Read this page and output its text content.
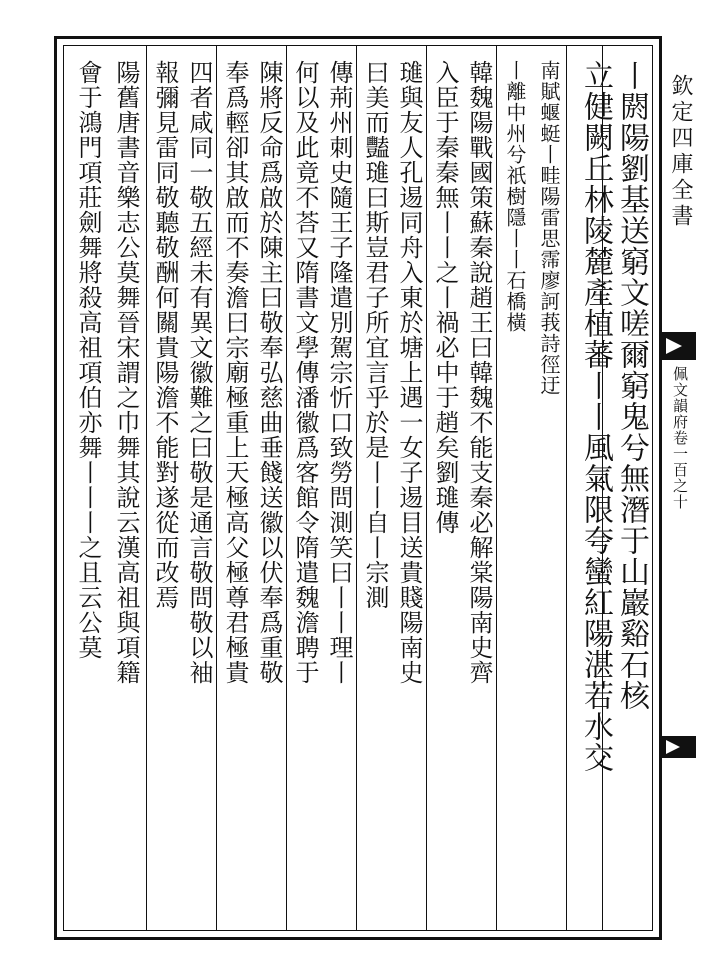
丨閼陽劉基送窮文嗟爾窮鬼兮無潛于山巖谿石核
立健闕丘林陵麓產植蕃丨丨風氣限夸蠻紅陽湛若水交
南賦蝘蜓丨畦陽雷思霈廖訶莪詩徑迂
丨離中州兮祇樹隱丨丨石橋橫
韓魏陽戰國策蘇秦說趙王曰韓魏不能支秦必解棠陽南史齊
入臣于秦秦無丨丨之丨禍必中于趙矣劉璡傳
璡與友人孔逷同舟入東於塘上遇一女子逷目送貴賤陽南史
曰美而豔璡曰斯豈君子所宜言乎於是丨丨自丨宗測
傳荊州刺史隨王子隆遣別駕宗忻口致勞問測笑曰丨丨理丨
何以及此竟不荅又隋書文學傳潘徽爲客館令隋遣魏澹聘于
陳將反命爲啟於陳主曰敬奉弘慈曲垂餞送徽以伏奉爲重敬
奉爲輕卻其啟而不奏澹曰宗廟極重上天極高父極尊君極貴
四者咸同一敬五經未有異文徽難之曰敬是通言敬問敬以袖
報彌見雷同敬聽敬酬何關貴陽澹不能對遂從而改焉
陽舊唐書音樂志公莫舞晉宋謂之巾舞其說云漢高祖與項籍
會于鴻門項莊劍舞將殺高祖項伯亦舞丨丨丨之且云公莫	欽定四庫全書
佩文韻府卷一百之十
